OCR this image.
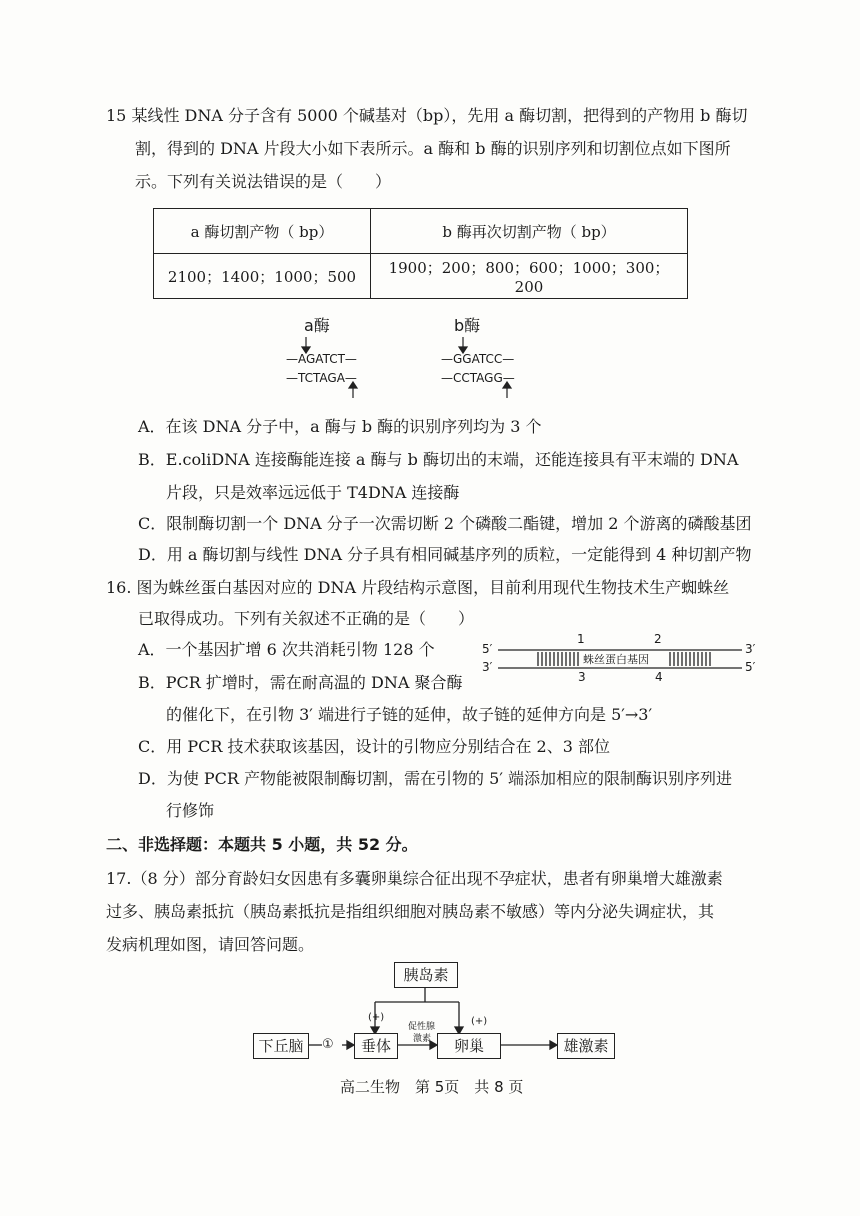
15 某线性 DNA 分子含有 5000 个碱基对（bp），先用 a 酶切割，把得到的产物用 b 酶切
割，得到的 DNA 片段大小如下表所示。a 酶和 b 酶的识别序列和切割位点如下图所
示。下列有关说法错误的是（　　）
a 酶切割产物（ bp）	b 酶再次切割产物（ bp）
2100；1400；1000；500	1900；200；800；600；1000；300；200
a酶
—AGATCT—
—TCTAGA—
b酶
—GGATCC—
—CCTAGG—
A．在该 DNA 分子中，a 酶与 b 酶的识别序列均为 3 个
B．E.coliDNA 连接酶能连接 a 酶与 b 酶切出的末端，还能连接具有平末端的 DNA
片段，只是效率远远低于 T4DNA 连接酶
C．限制酶切割一个 DNA 分子一次需切断 2 个磷酸二酯键，增加 2 个游离的磷酸基团
D．用 a 酶切割与线性 DNA 分子具有相同碱基序列的质粒，一定能得到 4 种切割产物
16. 图为蛛丝蛋白基因对应的 DNA 片段结构示意图，目前利用现代生物技术生产蜘蛛丝
已取得成功。下列有关叙述不正确的是（　　）
A．一个基因扩增 6 次共消耗引物 128 个
B．PCR 扩增时，需在耐高温的 DNA 聚合酶
的催化下，在引物 3′ 端进行子链的延伸，故子链的延伸方向是 5′→3′
C．用 PCR 技术获取该基因，设计的引物应分别结合在 2、3 部位
D．为使 PCR 产物能被限制酶切割，需在引物的 5′ 端添加相应的限制酶识别序列进
行修饰
蛛丝蛋白基因
5′	3′
3′	5′
1	2
3	4
二、非选择题：本题共 5 小题，共 52 分。
17.（8 分）部分育龄妇女因患有多囊卵巢综合征出现不孕症状，患者有卵巢增大雄激素
过多、胰岛素抵抗（胰岛素抵抗是指组织细胞对胰岛素不敏感）等内分泌失调症状，其
发病机理如图，请回答问题。
胰岛素
下丘脑	垂体	卵巢	雄激素
①
(+)	(+)
促性腺
激素
高二生物　第 5页　共 8 页
